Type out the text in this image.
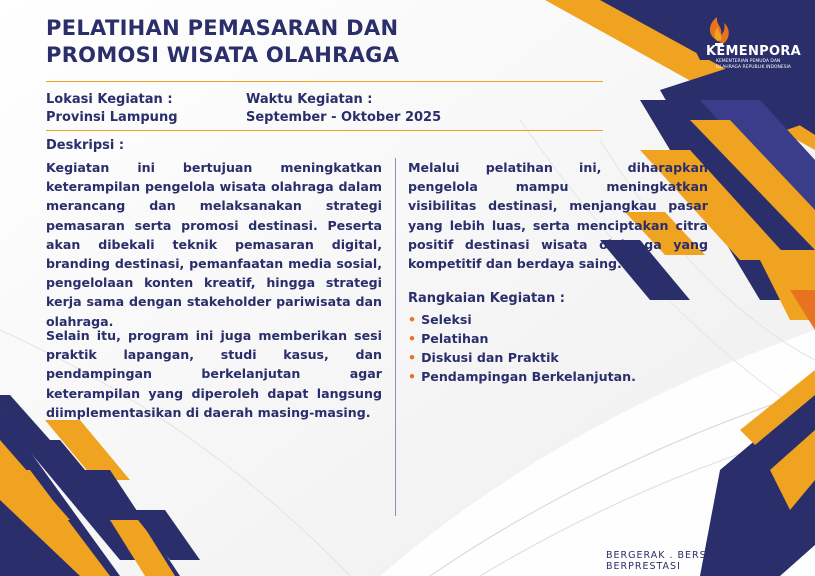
PELATIHAN PEMASARAN DAN
PROMOSI WISATA OLAHRAGA
Lokasi Kegiatan :
Provinsi Lampung
Waktu Kegiatan :
September - Oktober 2025
Deskripsi :

Kegiatan ini bertujuan meningkatkan keterampilan pengelola wisata olahraga dalam merancang dan melaksanakan strategi pemasaran serta promosi destinasi. Peserta akan dibekali teknik pemasaran digital, branding destinasi, pemanfaatan media sosial, pengelolaan konten kreatif, hingga strategi kerja sama dengan stakeholder pariwisata dan olahraga.

Selain itu, program ini juga memberikan sesi praktik lapangan, studi kasus, dan pendampingan berkelanjutan agar keterampilan yang diperoleh dapat langsung diimplementasikan di daerah masing-masing.

Melalui pelatihan ini, diharapkan pengelola mampu meningkatkan visibilitas destinasi, menjangkau pasar yang lebih luas, serta menciptakan citra positif destinasi wisata olahraga yang kompetitif dan berdaya saing.

Rangkaian Kegiatan :
• Seleksi
• Pelatihan
• Diskusi dan Praktik
• Pendampingan Berkelanjutan.
KEMENPORA
KEMENTERIAN PEMUDA DAN OLAHRAGA REPUBLIK INDONESIA
BERGERAK . BERSATU . BERPRESTASI
